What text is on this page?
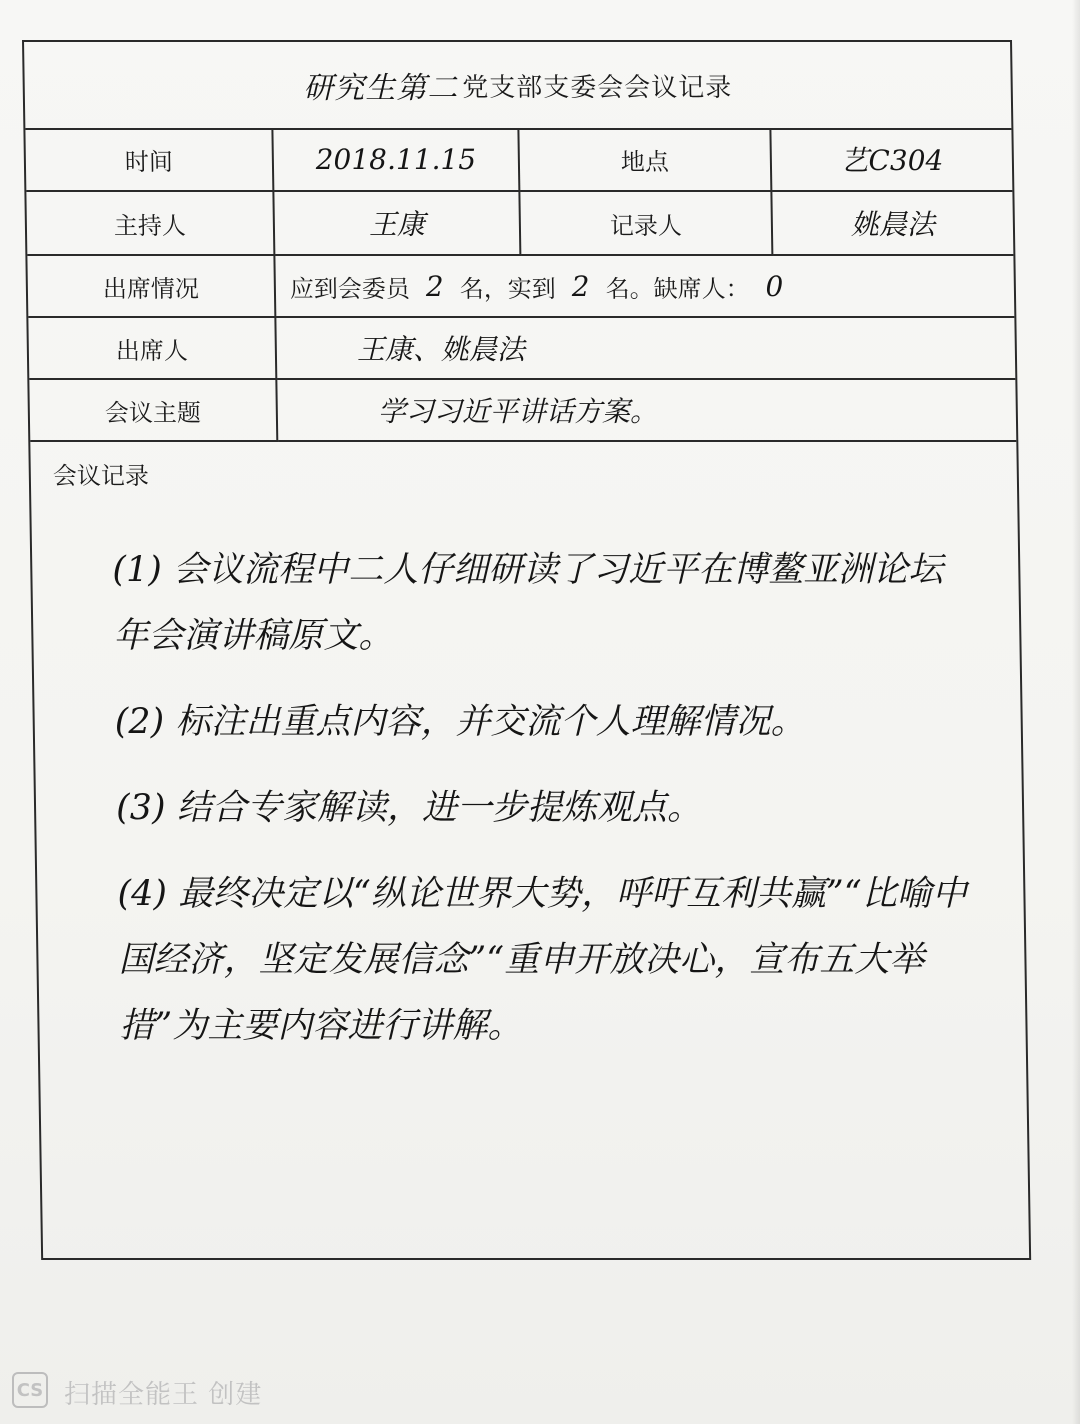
研究生第二 党支部支委会会议记录
时间	2018.11.15	地点	艺C304
主持人	王康	记录人	姚晨法
出席情况	应到会委员 2 名，实到 2 名。缺席人： 0
出席人	王康、姚晨法
会议主题	学习习近平讲话方案。
会议记录

(1) 会议流程中二人仔细研读了习近平在博鳌亚洲论坛年会演讲稿原文。

(2) 标注出重点内容，并交流个人理解情况。

(3) 结合专家解读，进一步提炼观点。

(4) 最终决定以“纵论世界大势，呼吁互利共赢”“比喻中国经济，坚定发展信念”“重申开放决心，宣布五大举措”为主要内容进行讲解。

CS 扫描全能王 创建
